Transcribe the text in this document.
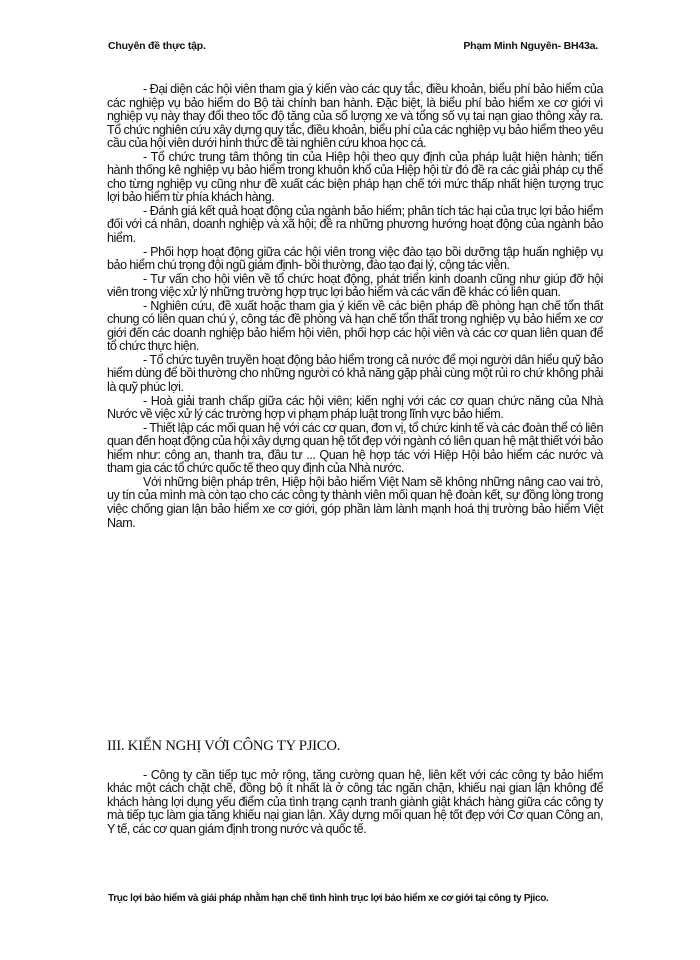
Chuyên đề thực tập.	Phạm Minh Nguyên- BH43a.

- Đại diện các hội viên tham gia ý kiến vào các quy tắc, điều khoản, biểu phí bảo hiểm của các nghiệp vụ bảo hiểm do Bộ tài chính ban hành. Đặc biệt, là biểu phí bảo hiểm xe cơ giới vì nghiệp vụ này thay đổi theo tốc độ tăng của số lượng xe và tổng số vụ tai nạn giao thông xảy ra. Tổ chức nghiên cứu xây dựng quy tắc, điều khoản, biểu phí của các nghiệp vụ bảo hiểm theo yêu cầu của hội viên dưới hình thức đề tài nghiên cứu khoa học cá.

- Tổ chức trung tâm thông tin của Hiệp hội theo quy định của pháp luật hiện hành; tiến hành thống kê nghiệp vụ bảo hiểm trong khuôn khổ của Hiệp hội từ đó đề ra các giải pháp cụ thể cho từng nghiệp vụ cũng như đề xuất các biện pháp hạn chế tới mức thấp nhất hiện tượng trục lợi bảo hiểm từ phía khách hàng.

- Đánh giá kết quả hoạt động của ngành bảo hiểm; phân tích tác hại của trục lợi bảo hiểm đối với cá nhân, doanh nghiệp và xã hội; đề ra những phương hướng hoạt động của ngành bảo hiểm.

- Phối hợp hoạt động giữa các hội viên trong việc đào tạo bồi dưỡng tập huấn nghiệp vụ bảo hiểm chú trọng đội ngũ giám định- bồi thường, đào tạo đại lý, cộng tác viên.

- Tư vấn cho hội viên về tổ chức hoạt động, phát triển kinh doanh cũng như giúp đỡ hội viên trong việc xử lý những trường hợp trục lợi bảo hiểm và các vấn đề khác có liên quan.

- Nghiên cứu, đề xuất hoặc tham gia ý kiến về các biện pháp đề phòng hạn chế tổn thất chung có liên quan chú ý, công tác đề phòng và hạn chế tổn thất trong nghiệp vụ bảo hiểm xe cơ giới đến các doanh nghiệp bảo hiểm hội viên, phối hợp các hội viên và các cơ quan liên quan để tổ chức thực hiện.

- Tổ chức tuyên truyền hoạt động bảo hiểm trong cả nước để mọi người dân hiểu quỹ bảo hiểm dùng để bồi thường cho những người có khả năng gặp phải cùng một rủi ro chứ không phải là quỹ phúc lợi.

- Hoà giải tranh chấp giữa các hội viên; kiến nghị với các cơ quan chức năng của Nhà Nước về việc xử lý các trường hợp vi phạm pháp luật trong lĩnh vực bảo hiểm.

- Thiết lập các mối quan hệ với các cơ quan, đơn vị, tổ chức kinh tế và các đoàn thể có liên quan đến hoạt động của hội xây dựng quan hệ tốt đẹp với ngành có liên quan hệ mật thiết với bảo hiểm như: công an, thanh tra, đầu tư ... Quan hệ hợp tác với Hiệp Hội bảo hiểm các nước và tham gia các tổ chức quốc tế theo quy định của Nhà nước.

Với những biện pháp trên, Hiệp hội bảo hiểm Việt Nam sẽ không những nâng cao vai trò, uy tín của mình mà còn tạo cho các công ty thành viên mối quan hệ đoàn kết, sự đồng lòng trong việc chống gian lận bảo hiểm xe cơ giới, góp phần làm lành mạnh hoá thị trường bảo hiểm Việt Nam.

III. KIẾN NGHỊ VỚI CÔNG TY PJICO.

- Công ty cần tiếp tục mở rộng, tăng cường quan hệ, liên kết với các công ty bảo hiểm khác một cách chặt chẽ, đồng bộ ít nhất là ở công tác ngăn chặn, khiếu nại gian lận không để khách hàng lợi dụng yếu điểm của tình trạng cạnh tranh giành giật khách hàng giữa các công ty mà tiếp tục làm gia tăng khiếu nại gian lận. Xây dựng mối quan hệ tốt đẹp với Cơ quan Công an, Y tế, các cơ quan giám định trong nước và quốc tế.

Trục lợi bảo hiểm và giải pháp nhằm hạn chế tình hình trục lợi bảo hiểm xe cơ giới tại công ty Pjico.
